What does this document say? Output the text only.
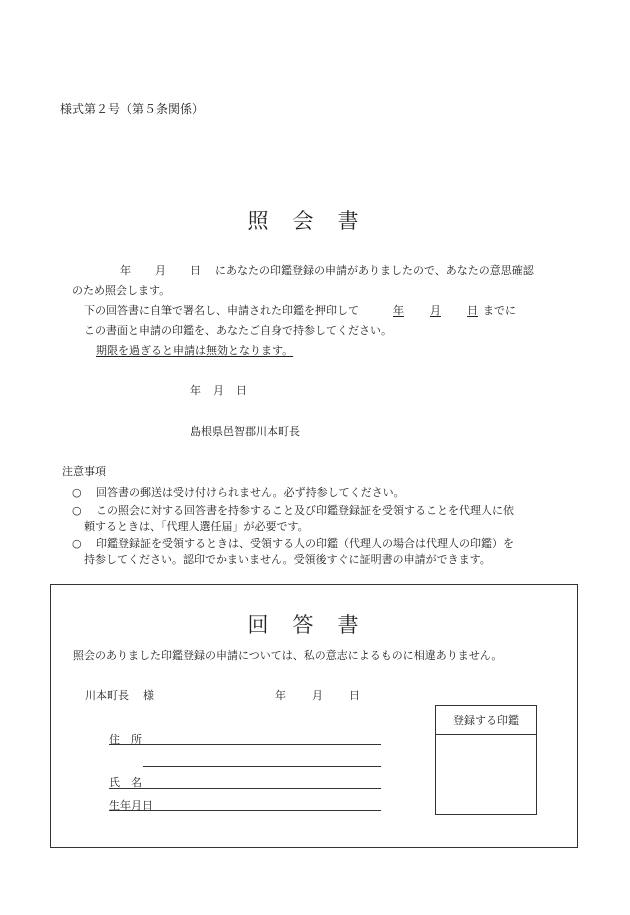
様式第２号（第５条関係）
照会書
年 月 日 にあなたの印鑑登録の申請がありましたので、あなたの意思確認
のため照会します。
下の回答書に自筆で署名し、申請された印鑑を押印して	年 月 日 までに
この書面と申請の印鑑を、あなたご自身で持参してください。
期限を過ぎると申請は無効となります。
年 月 日
島根県邑智郡川本町長
注意事項
○ 回答書の郵送は受け付けられません。必ず持参してください。
○ この照会に対する回答書を持参すること及び印鑑登録証を受領することを代理人に依
頼するときは、「代理人選任届」が必要です。
○ 印鑑登録証を受領するときは、受領する人の印鑑（代理人の場合は代理人の印鑑）を
持参してください。認印でかまいません。受領後すぐに証明書の申請ができます。
回答書
照会のありました印鑑登録の申請については、私の意志によるものに相違ありません。
川本町長 様	年 月 日
住　所
氏　名
生年月日
登録する印鑑
